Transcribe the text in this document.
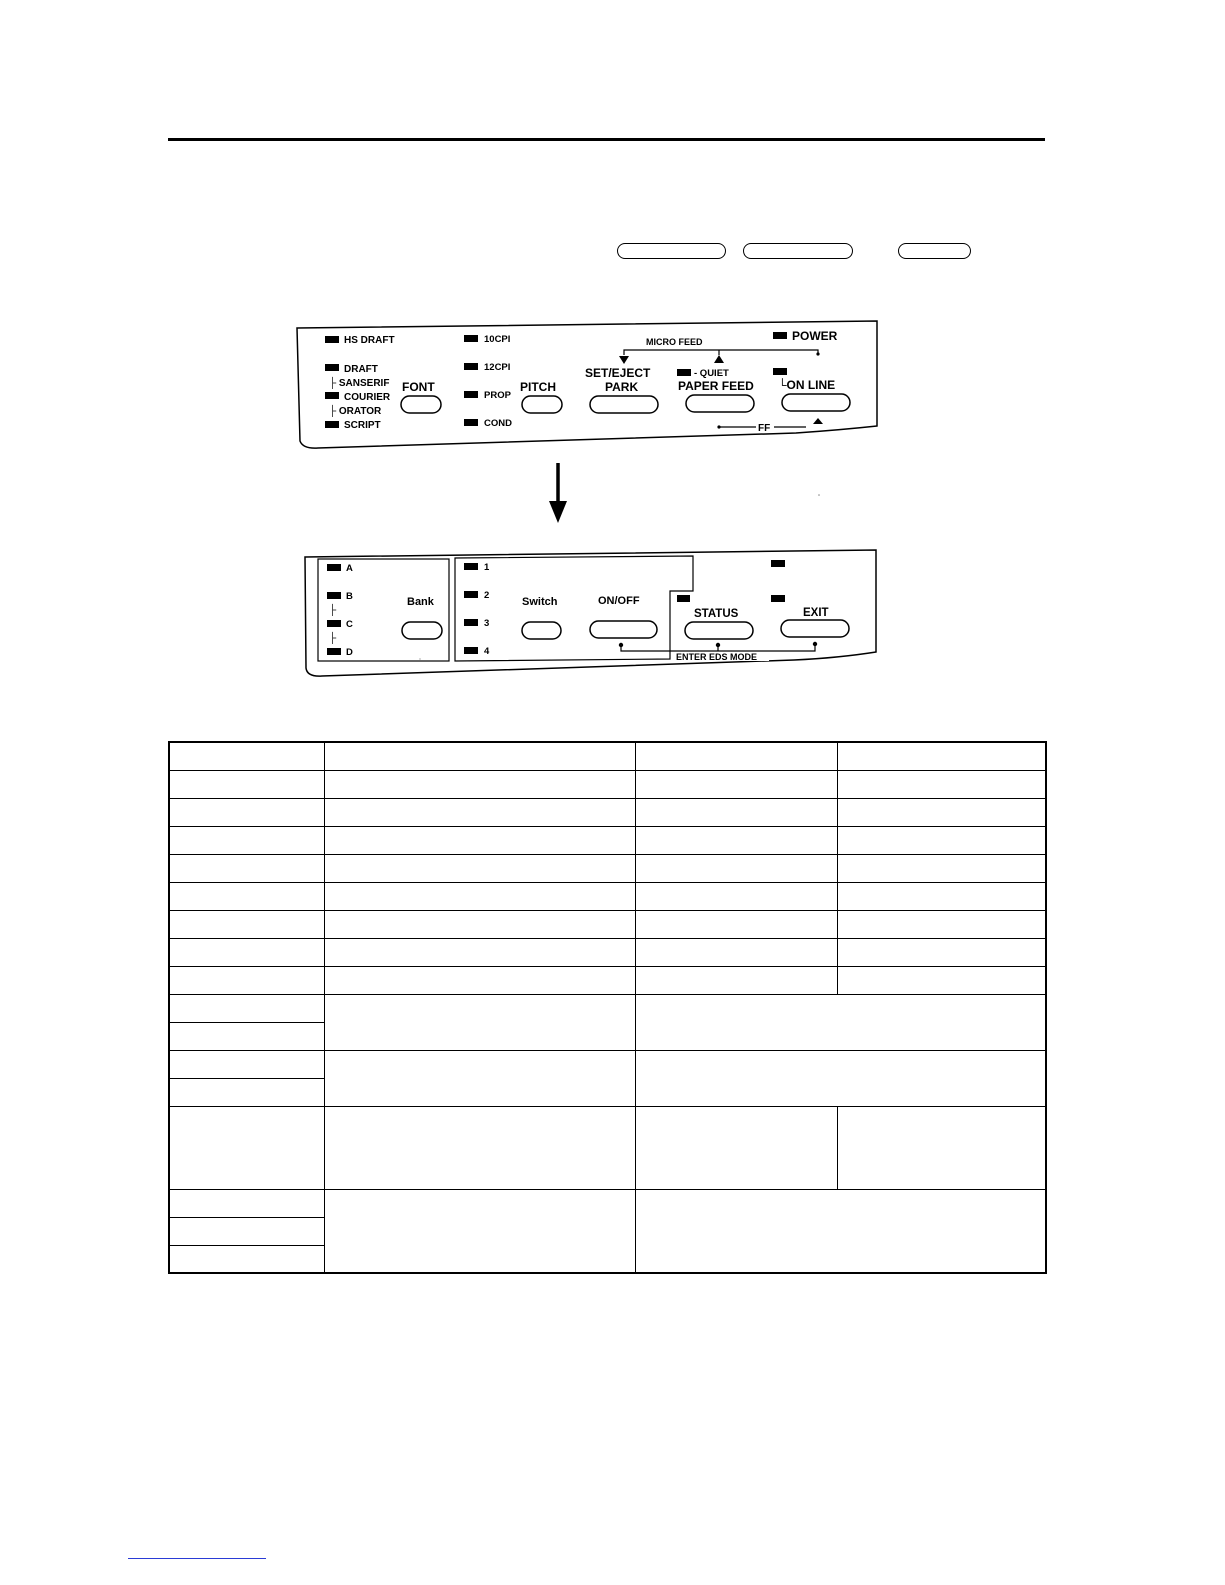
HS DRAFT
DRAFT
├ SANSERIF
COURIER
├ ORATOR
SCRIPT
FONT
10CPI
12CPI
PROP
COND
PITCH
MICRO FEED
SET/EJECT
PARK
- QUIET
PAPER FEED
POWER
└ON LINE
FF
A
B
├
C
├
D
Bank
1
2
3
4
Switch	ON/OFF
STATUS	EXIT
ENTER EDS MODE
